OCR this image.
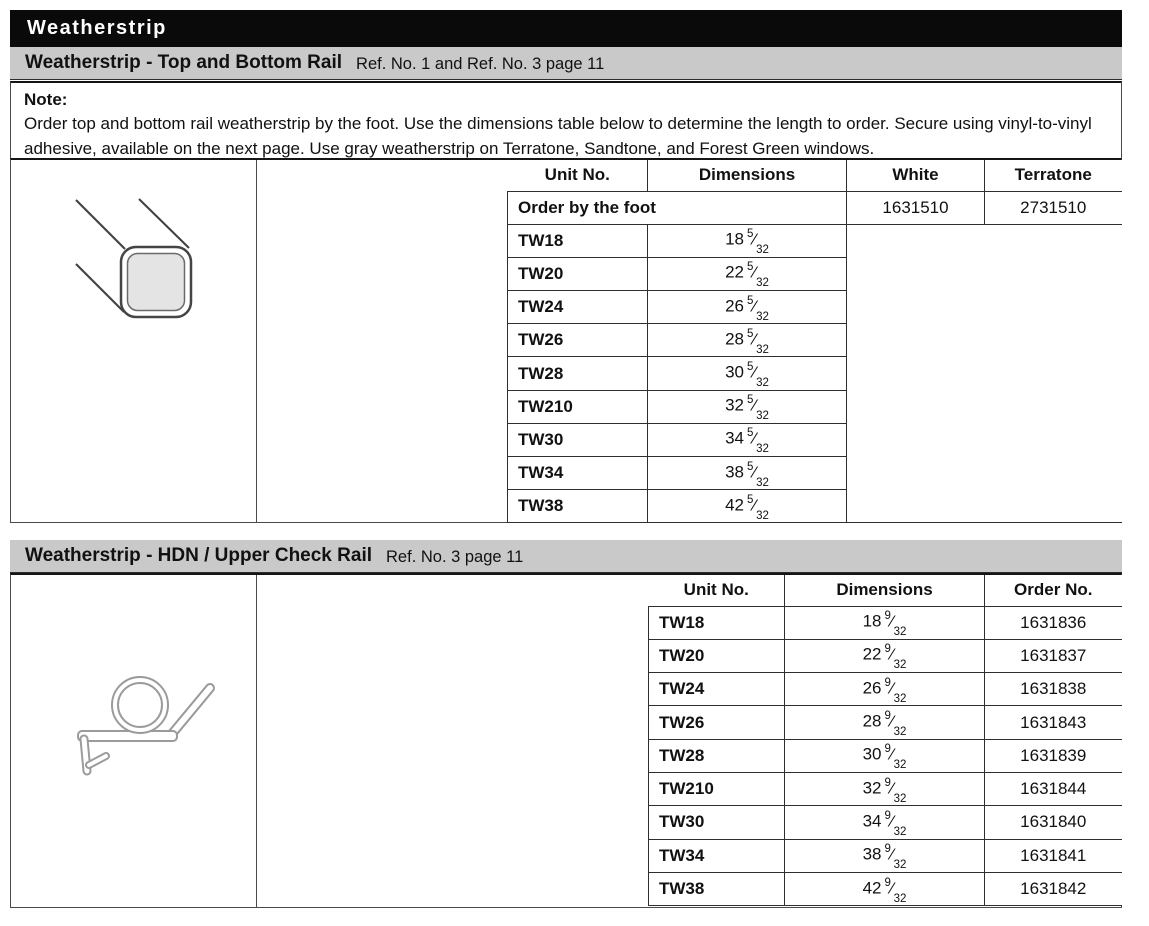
Weatherstrip
Weatherstrip - Top and Bottom Rail Ref. No. 1 and Ref. No. 3 page 11
Note:
Order top and bottom rail weatherstrip by the foot. Use the dimensions table below to determine the length to order. Secure using vinyl-to-vinyl adhesive, available on the next page. Use gray weatherstrip on Terratone, Sandtone, and Forest Green windows.
Unit No.	Dimensions	White	Terratone
Order by the foot		1631510	2731510
TW18	18 $^5⁄_{32}$	
TW20	22 $^5⁄_{32}$
TW24	26 $^5⁄_{32}$
TW26	28 $^5⁄_{32}$
TW28	30 $^5⁄_{32}$
TW210	32 $^5⁄_{32}$
TW30	34 $^5⁄_{32}$
TW34	38 $^5⁄_{32}$
TW38	42 $^5⁄_{32}$
Weatherstrip - HDN / Upper Check Rail Ref. No. 3 page 11
Unit No.	Dimensions	Order No.
TW18	18 $^9⁄_{32}$	1631836
TW20	22 $^9⁄_{32}$	1631837
TW24	26 $^9⁄_{32}$	1631838
TW26	28 $^9⁄_{32}$	1631843
TW28	30 $^9⁄_{32}$	1631839
TW210	32 $^9⁄_{32}$	1631844
TW30	34 $^9⁄_{32}$	1631840
TW34	38 $^9⁄_{32}$	1631841
TW38	42 $^9⁄_{32}$	1631842
